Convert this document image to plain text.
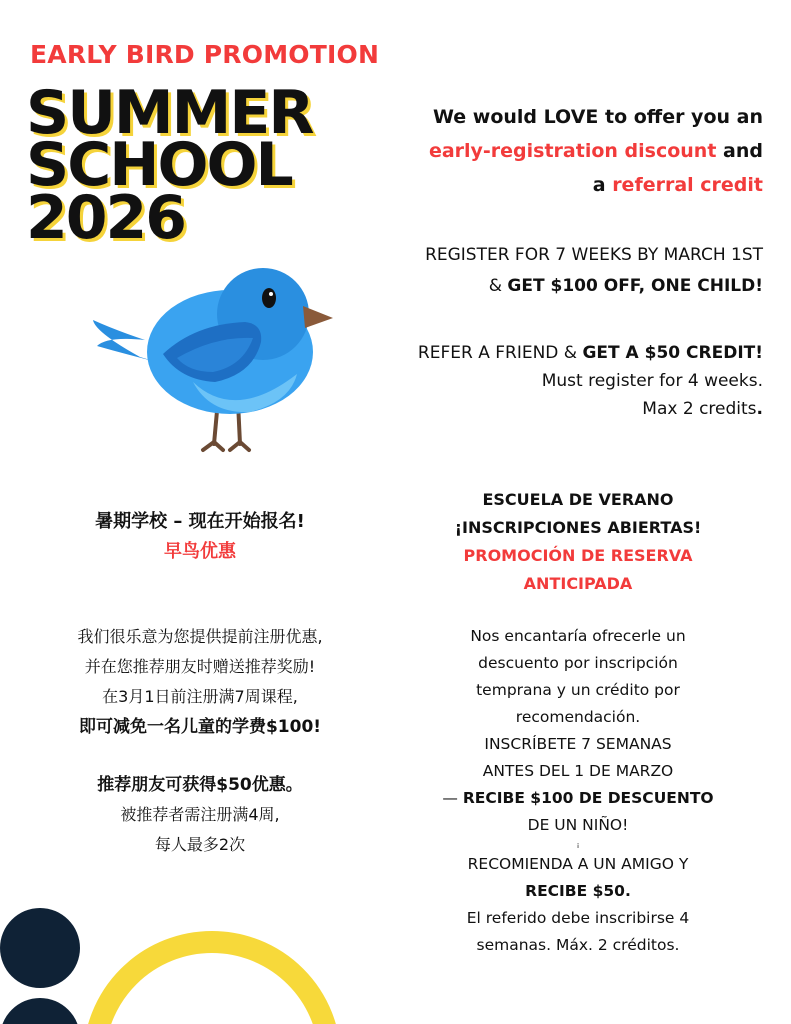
EARLY BIRD PROMOTION
SUMMER
SCHOOL
2026
We would LOVE to offer you an
early-registration discount and
a referral credit
REGISTER FOR 7 WEEKS BY MARCH 1ST
& GET $100 OFF, ONE CHILD!
REFER A FRIEND & GET A $50 CREDIT!
Must register for 4 weeks.
Max 2 credits.
暑期学校 – 现在开始报名!
早鸟优惠
我们很乐意为您提供提前注册优惠,
并在您推荐朋友时赠送推荐奖励!
在3月1日前注册满7周课程,
即可减免一名儿童的学费$100!
推荐朋友可获得$50优惠。
被推荐者需注册满4周,
每人最多2次
ESCUELA DE VERANO
¡INSCRIPCIONES ABIERTAS!
PROMOCIÓN DE RESERVA
ANTICIPADA
Nos encantaría ofrecerle un
descuento por inscripción
temprana y un crédito por
recomendación.
INSCRÍBETE 7 SEMANAS
ANTES DEL 1 DE MARZO
— RECIBE $100 DE DESCUENTO
DE UN NIÑO!
¡
RECOMIENDA A UN AMIGO Y
RECIBE $50.
El referido debe inscribirse 4
semanas. Máx. 2 créditos.
